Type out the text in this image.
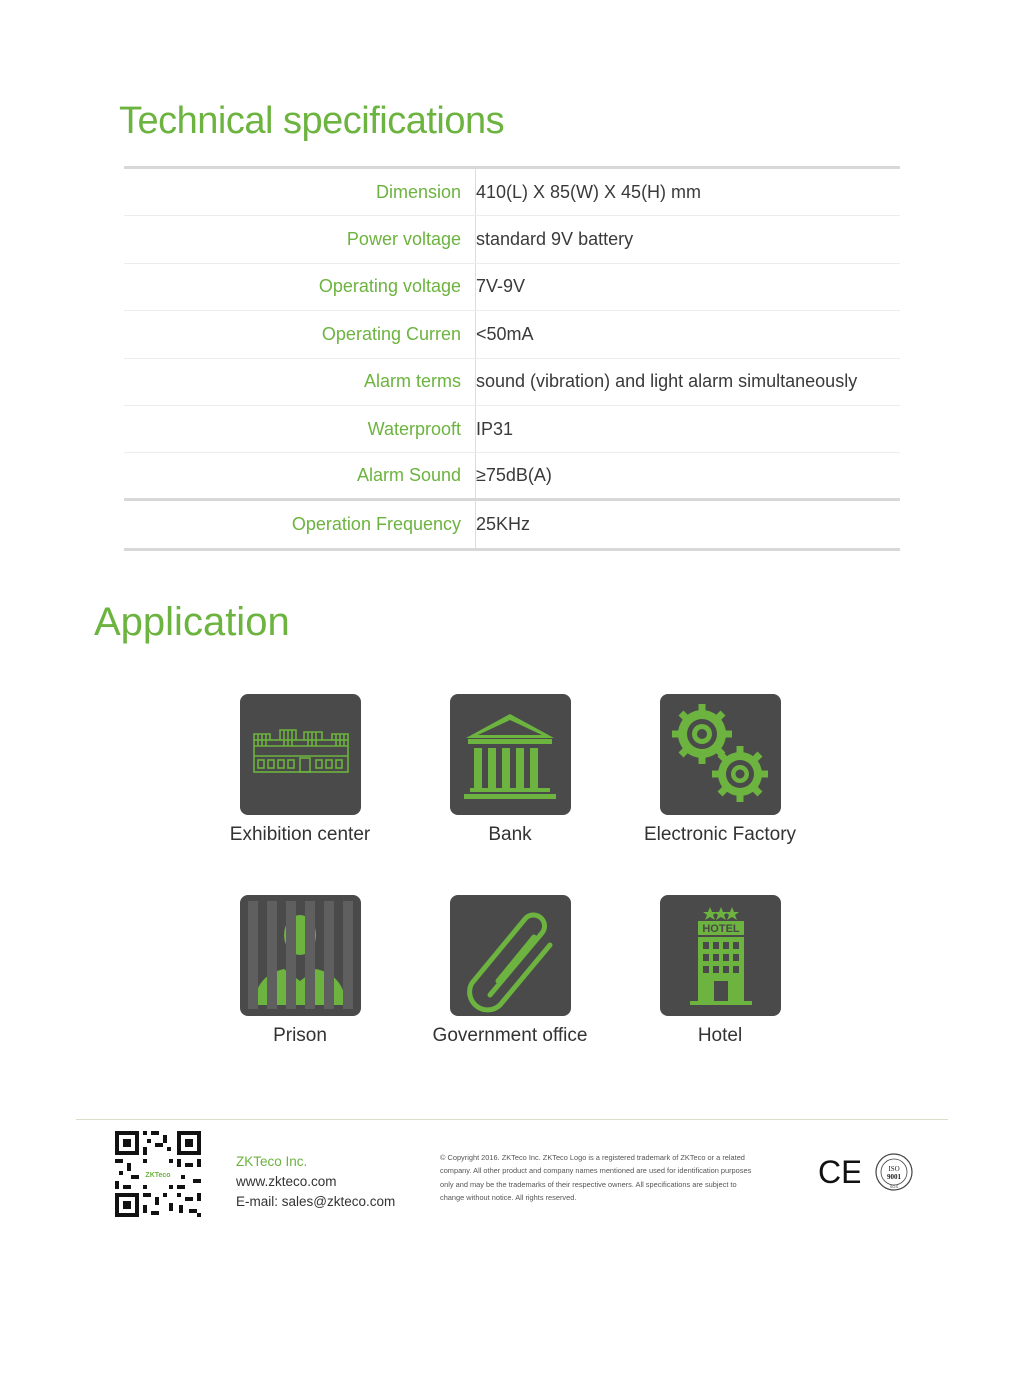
Technical specifications
Dimension 410(L) X 85(W) X 45(H) mm
Power voltage standard 9V battery
Operating voltage 7V-9V
Operating Curren <50mA
Alarm terms sound (vibration) and light alarm simultaneously
Waterprooft IP31
Alarm Sound ≥75dB(A)
Operation Frequency 25KHz
Application
Exhibition center	Bank	Electronic Factory
Prison	Government office
HOTEL
Hotel
ZKTeco
ZKTeco Inc.
www.zkteco.com
E-mail: sales@zkteco.com
© Copyright 2016. ZKTeco Inc. ZKTeco Logo is a registered trademark of ZKTeco or a related
company. All other product and company names mentioned are used for identification purposes
only and may be the trademarks of their respective owners. All specifications are subject to
change without notice. All rights reserved.
CE	ISO
9001
SGS
